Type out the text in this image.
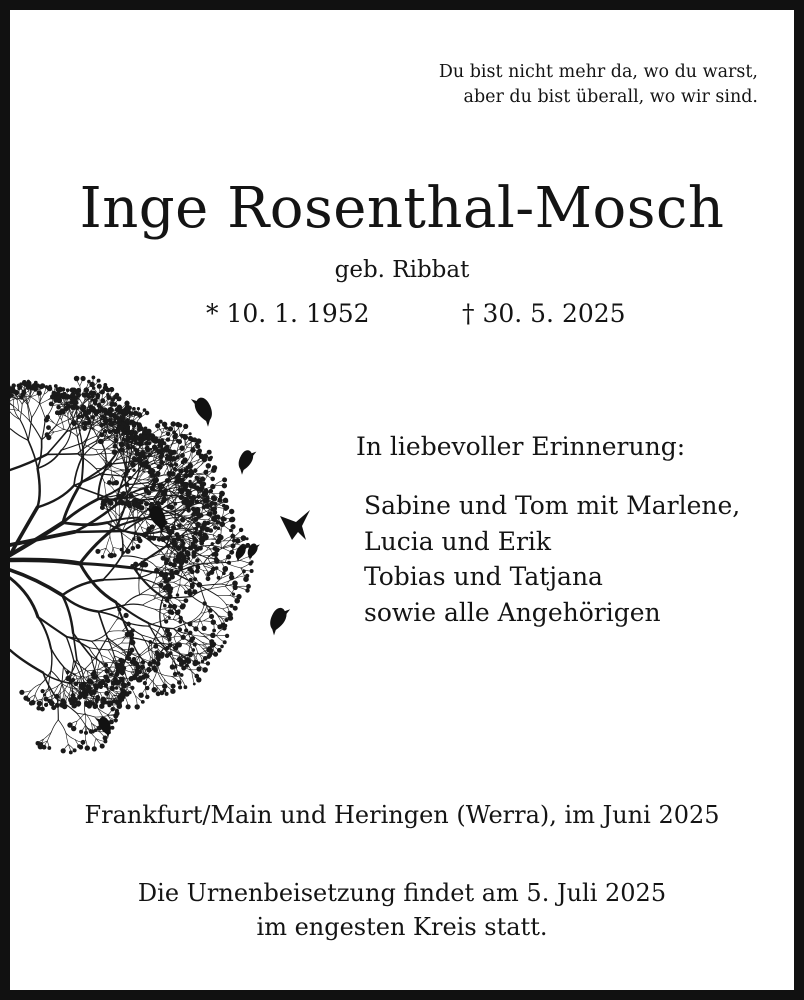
Du bist nicht mehr da, wo du warst,
aber du bist überall, wo wir sind.
Inge Rosenthal-Mosch
geb. Ribbat
* 10. 1. 1952	† 30. 5. 2025
In liebevoller Erinnerung:
Sabine und Tom mit Marlene,
Lucia und Erik
Tobias und Tatjana
sowie alle Angehörigen
Frankfurt/Main und Heringen (Werra), im Juni 2025
Die Urnenbeisetzung findet am 5. Juli 2025
im engesten Kreis statt.
